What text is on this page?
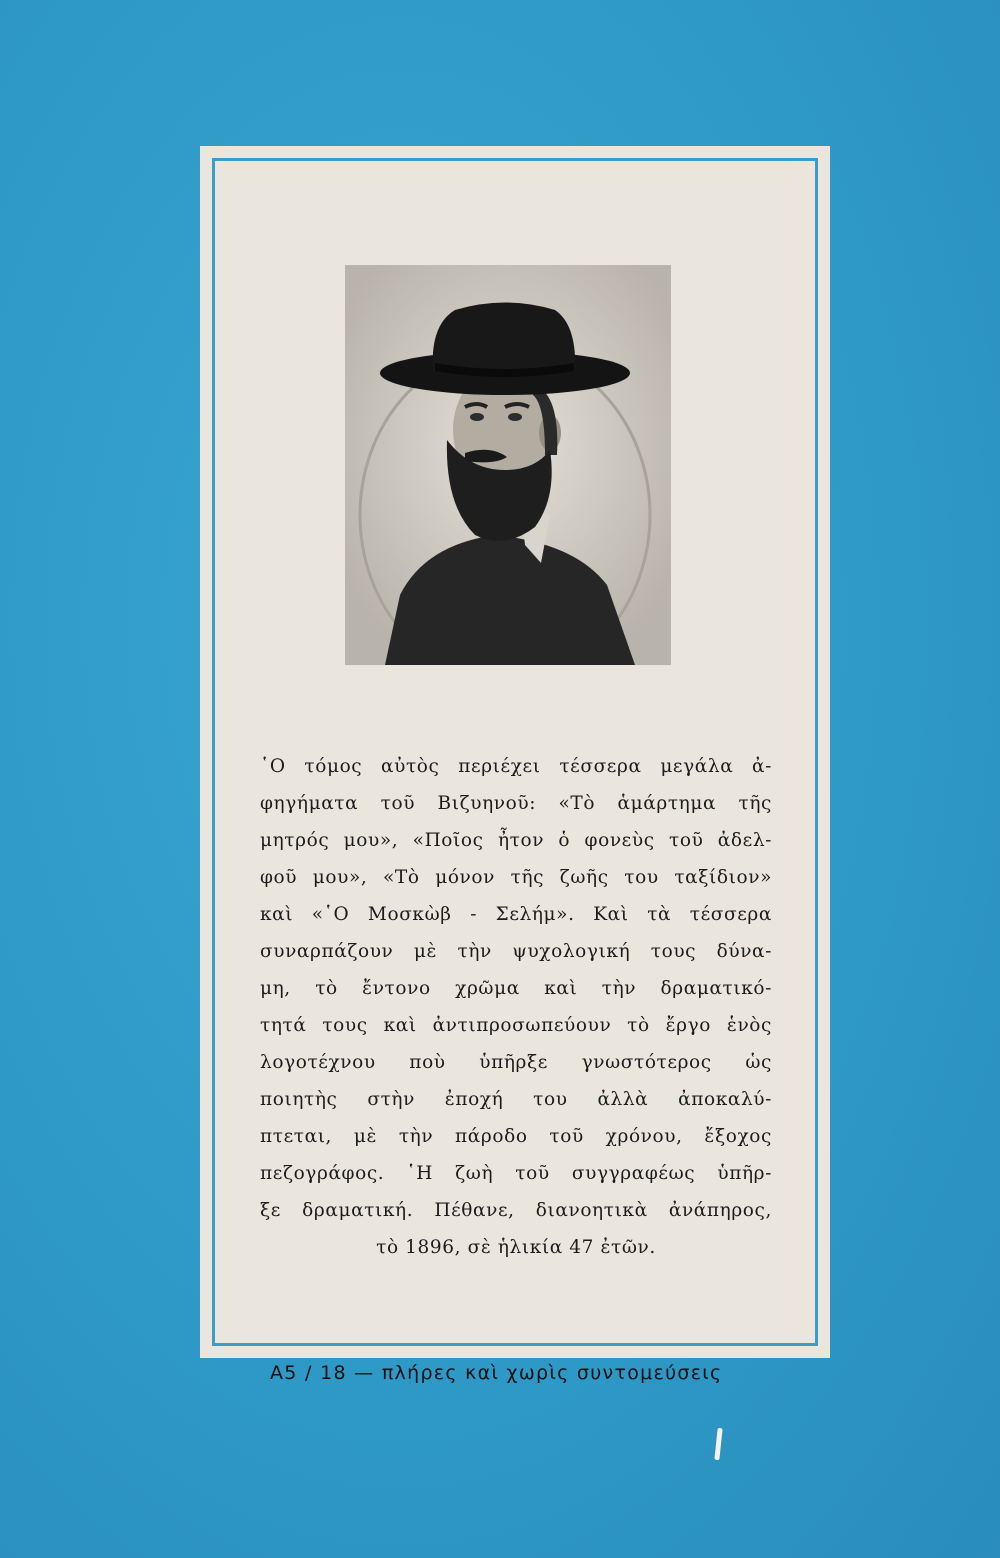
῾Ο τόμος αὐτὸς περιέχει τέσσερα μεγάλα ἀ-
φηγήματα τοῦ Βιζυηνοῦ: «Τὸ ἁμάρτημα τῆς
μητρός μου», «Ποῖος ἦτον ὁ φονεὺς τοῦ ἀδελ-
φοῦ μου», «Τὸ μόνον τῆς ζωῆς του ταξίδιον»
καὶ «῾Ο Μοσκὼβ - Σελήμ». Καὶ τὰ τέσσερα
συναρπάζουν μὲ τὴν ψυχολογική τους δύνα-
μη, τὸ ἔντονο χρῶμα καὶ τὴν δραματικό-
τητά τους καὶ ἀντιπροσωπεύουν τὸ ἔργο ἑνὸς
λογοτέχνου ποὺ ὑπῆρξε γνωστότερος ὡς
ποιητὴς στὴν ἐποχή του ἀλλὰ ἀποκαλύ-
πτεται, μὲ τὴν πάροδο τοῦ χρόνου, ἔξοχος
πεζογράφος. ῾Η ζωὴ τοῦ συγγραφέως ὑπῆρ-
ξε δραματική. Πέθανε, διανοητικὰ ἀνάπηρος,
τὸ 1896, σὲ ἡλικία 47 ἐτῶν.
A5 / 18 — πλήρες καὶ χωρὶς συντομεύσεις
